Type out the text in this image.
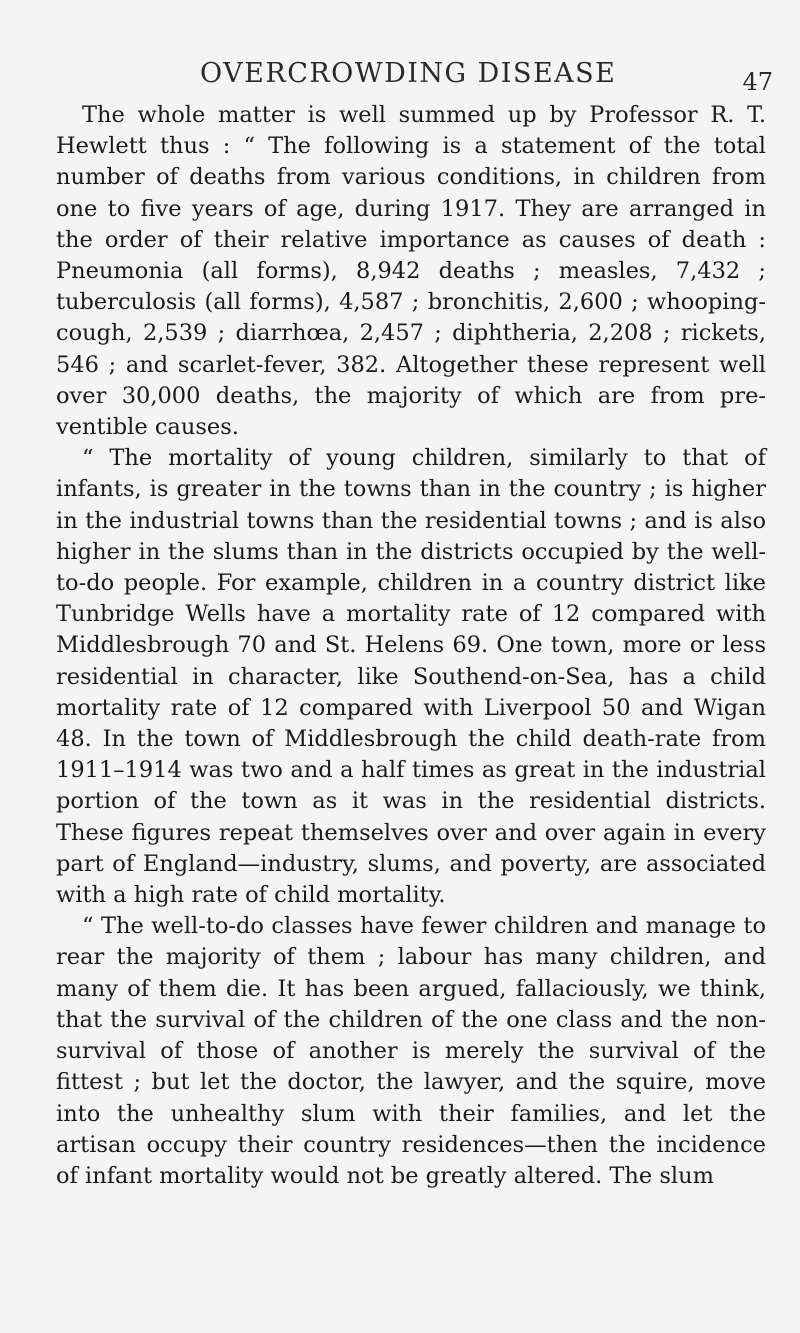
OVERCROWDING DISEASE	47

The whole matter is well summed up by Professor R. T. Hewlett thus : “ The following is a statement of the total number of deaths from various conditions, in children from one to five years of age, during 1917. They are arranged in the order of their relative importance as causes of death : Pneumonia (all forms), 8,942 deaths ; measles, 7,432 ; tuberculosis (all forms), 4,587 ; bronchitis, 2,600 ; whooping-cough, 2,539 ; diarrhœa, 2,457 ; diphtheria, 2,208 ; rickets, 546 ; and scarlet-fever, 382. Altogether these represent well over 30,000 deaths, the majority of which are from preventible causes.

“ The mortality of young children, similarly to that of infants, is greater in the towns than in the country ; is higher in the industrial towns than the residential towns ; and is also higher in the slums than in the districts occupied by the well-to-do people. For example, children in a country district like Tunbridge Wells have a mortality rate of 12 compared with Middlesbrough 70 and St. Helens 69. One town, more or less residential in character, like Southend-on-Sea, has a child mortality rate of 12 compared with Liverpool 50 and Wigan 48. In the town of Middlesbrough the child death-rate from 1911–1914 was two and a half times as great in the industrial portion of the town as it was in the residential districts. These figures repeat themselves over and over again in every part of England—industry, slums, and poverty, are associated with a high rate of child mortality.

“ The well-to-do classes have fewer children and manage to rear the majority of them ; labour has many children, and many of them die. It has been argued, fallaciously, we think, that the survival of the children of the one class and the non-survival of those of another is merely the survival of the fittest ; but let the doctor, the lawyer, and the squire, move into the unhealthy slum with their families, and let the artisan occupy their country residences—then the incidence of infant mortality would not be greatly altered. The slum
